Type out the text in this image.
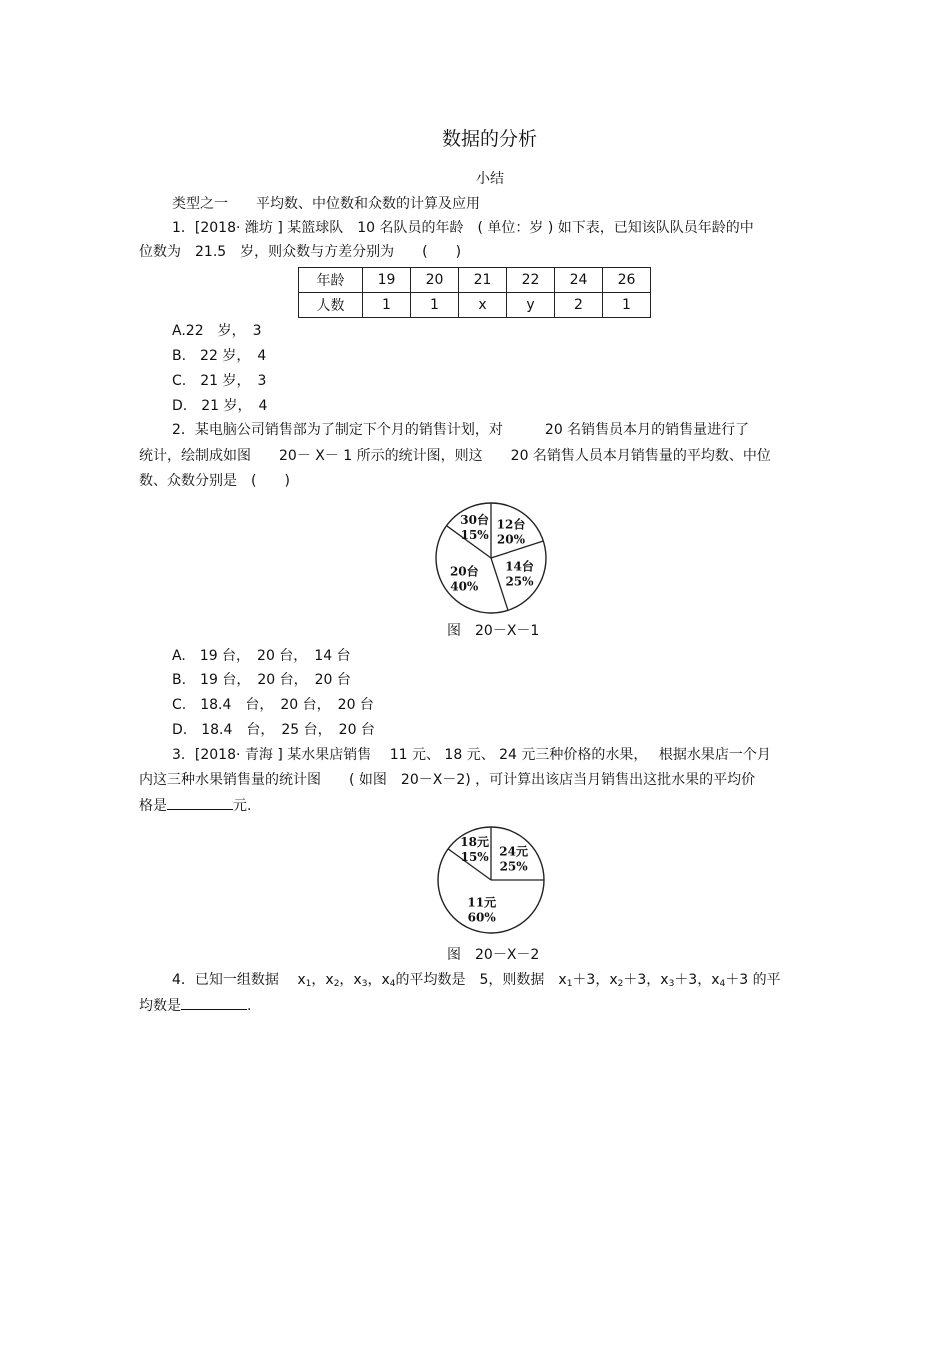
数据的分析
小结
类型之一　　平均数、中位数和众数的计算及应用
1．[2018· 潍坊 ] 某篮球队　10 名队员的年龄　( 单位：岁 ) 如下表，已知该队队员年龄的中
位数为　21.5　岁，则众数与方差分别为　　(　　)
年龄	19	20	21	22	24	26
人数	1	1	x	y	2	1
A.22　岁，　3
B.　22 岁，　4
C.　21 岁，　3
D.　21 岁，　4
2．某电脑公司销售部为了制定下个月的销售计划，对　　　20 名销售员本月的销售量进行了
统计，绘制成如图　　20－ X－ 1 所示的统计图，则这　　20 名销售人员本月销售量的平均数、中位
数、众数分别是　(　　)
30台
15%
12台
20%
14台
25%
20台
40%
图　20－X－1
A.　19 台，　20 台，　14 台
B.　19 台，　20 台，　20 台
C.　18.4　台，　20 台，　20 台
D.　18.4　台，　25 台，　20 台
3．[2018· 青海 ] 某水果店销售　 11 元、 18 元、 24 元三种价格的水果，　 根据水果店一个月
内这三种水果销售量的统计图　　( 如图　20－X－2) ，可计算出该店当月销售出这批水果的平均价
格是	元.
24元
25%
11元
60%
18元
15%
图　20－X－2
4．已知一组数据　 $x_1$，$x_2$，$x_3$，$x_4$的平均数是　5，则数据　$x_1+3$，$x_2+3$，$x_3+3$，$x_4+3$ 的平
均数是	.
